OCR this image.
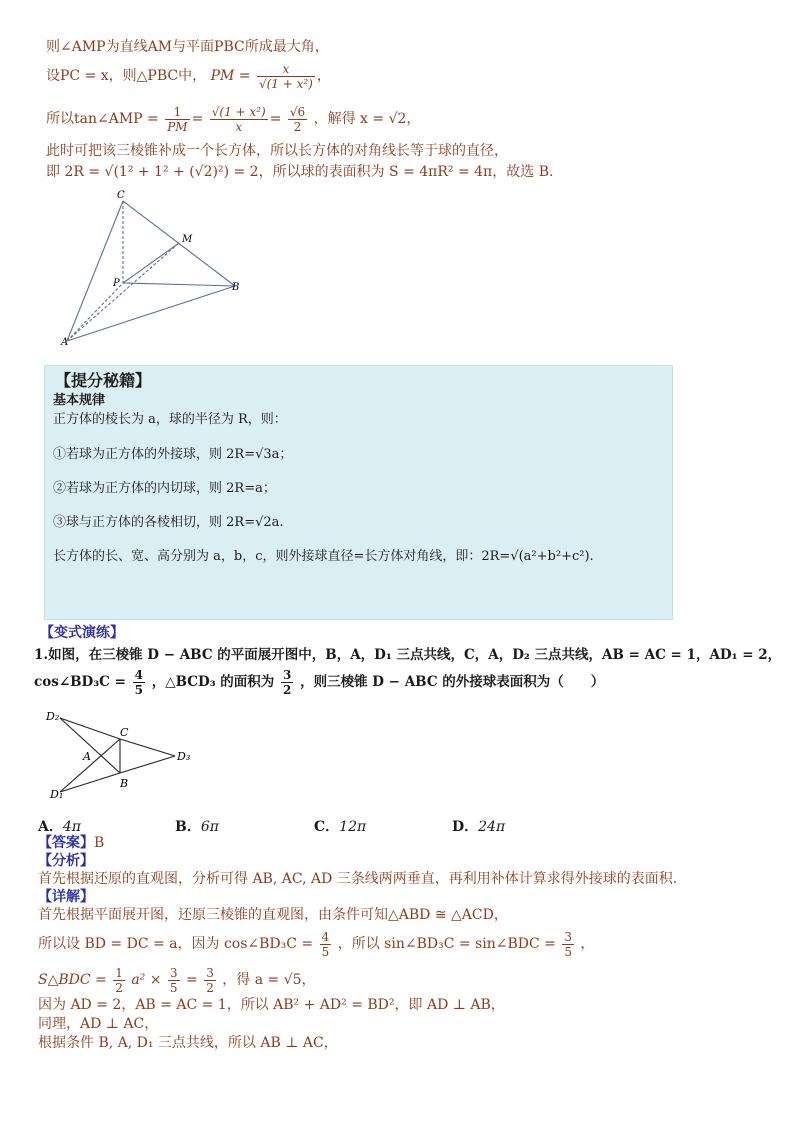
则∠AMP为直线AM与平面PBC所成最大角，
设PC = x，则△PBC中， PM = $\frac{x}{\text{√(1 + x²)}}$ ，
所以tan∠AMP = $\frac{1}{PM} = \frac{\text{√(1 + x²)}}{x} = \frac{√6}{2}$ ，解得 x = √2，
此时可把该三棱锥补成一个长方体，所以长方体的对角线长等于球的直径，
即 2R = √(1² + 1² + (√2)²) = 2，所以球的表面积为 S = 4πR² = 4π，故选 B.
C
M
P	B
A
【提分秘籍】
基本规律
正方体的棱长为 a，球的半径为 R，则：
①若球为正方体的外接球，则 2R=√3a；
②若球为正方体的内切球，则 2R=a；
③球与正方体的各棱相切，则 2R=√2a.
长方体的长、宽、高分别为 a，b，c，则外接球直径=长方体对角线，即：2R=√(a²+b²+c²).
【变式演练】
1.如图，在三棱锥 D − ABC 的平面展开图中，B，A，D₁ 三点共线，C，A，D₂ 三点共线，AB = AC = 1，AD₁ = 2，
cos∠BD₃C = $\frac{4}{5}$ ，△BCD₃ 的面积为 $\frac{3}{2}$ ，则三棱锥 D − ABC 的外接球表面积为（　　）
D₂
C
A	D₃
B
D₁
A．4π	B．6π	C．12π	D．24π
【答案】B
【分析】
首先根据还原的直观图，分析可得 AB, AC, AD 三条线两两垂直，再利用补体计算求得外接球的表面积.
【详解】
首先根据平面展开图，还原三棱锥的直观图，由条件可知△ABD ≅ △ACD，
所以设 BD = DC = a，因为 cos∠BD₃C = $\frac{4}{5}$ ，所以 sin∠BD₃C = sin∠BDC = $\frac{3}{5}$ ，
S△BDC = $\frac{1}{2} a^2 \times \frac{3}{5} = \frac{3}{2}$ ，得 a = √5，
因为 AD = 2，AB = AC = 1，所以 AB² + AD² = BD²，即 AD ⊥ AB，
同理，AD ⊥ AC，
根据条件 B, A, D₁ 三点共线，所以 AB ⊥ AC，
